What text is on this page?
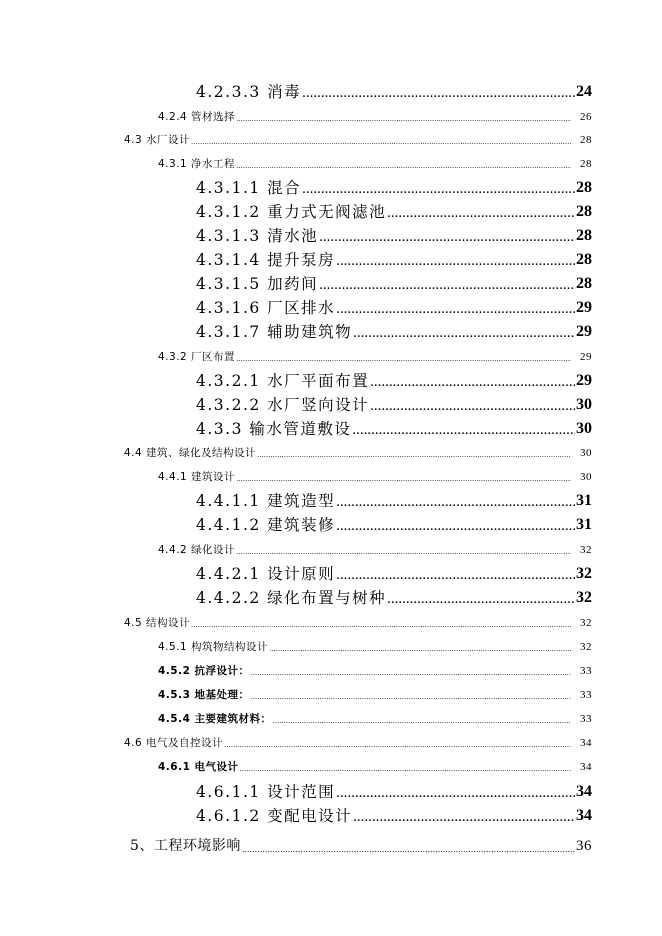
4.2.3.3 消毒 .....	24
4.2.4 管材选择 .....	26
4.3 水厂设计 .....	28
4.3.1 净水工程 .....	28
4.3.1.1 混合 .....	28
4.3.1.2 重力式无阀滤池 .....	28
4.3.1.3 清水池 .....	28
4.3.1.4 提升泵房 .....	28
4.3.1.5 加药间 .....	28
4.3.1.6 厂区排水 .....	29
4.3.1.7 辅助建筑物 .....	29
4.3.2 厂区布置 .....	29
4.3.2.1 水厂平面布置 .....	29
4.3.2.2 水厂竖向设计 .....	30
4.3.3 输水管道敷设 .....	30
4.4 建筑、绿化及结构设计 .....	30
4.4.1 建筑设计 .....	30
4.4.1.1 建筑造型 .....	31
4.4.1.2 建筑装修 .....	31
4.4.2 绿化设计 .....	32
4.4.2.1 设计原则 .....	32
4.4.2.2 绿化布置与树种 .....	32
4.5 结构设计 .....	32
4.5.1 构筑物结构设计 .....	32
4.5.2 抗浮设计： .....	33
4.5.3 地基处理： .....	33
4.5.4 主要建筑材料： .....	33
4.6 电气及自控设计 .....	34
4.6.1 电气设计 .....	34
4.6.1.1 设计范围 .....	34
4.6.1.2 变配电设计 .....	34
5、工程环境影响 .....	36
